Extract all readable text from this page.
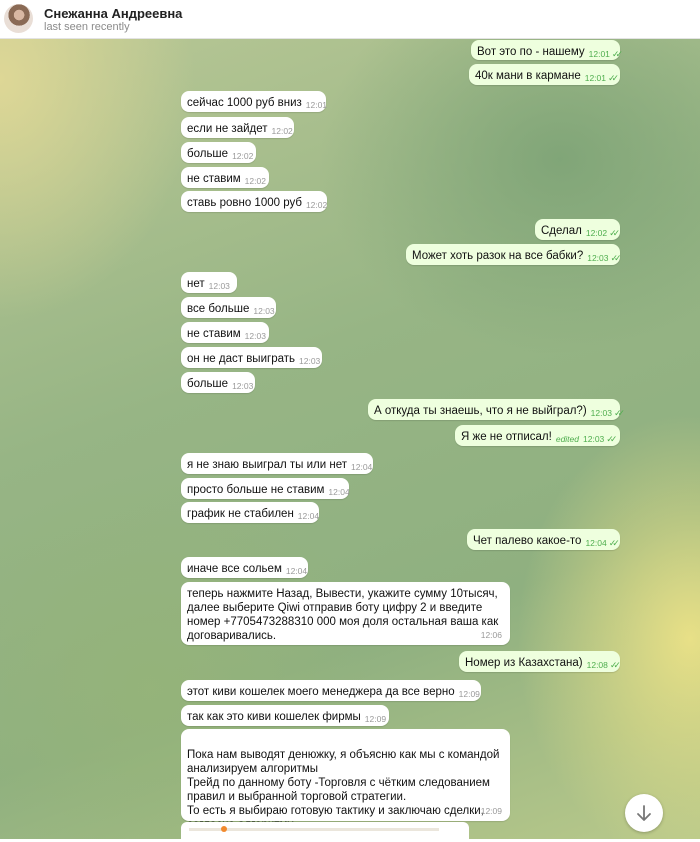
Снежанна Андреевна
last seen recently
Вот это по - нашему 12:01 ✓✓
40к мани в кармане 12:01 ✓✓
сейчас 1000 руб вниз 12:01
если не зайдет 12:02
больше 12:02
не ставим 12:02
ставь ровно 1000 руб 12:02
Сделал 12:02 ✓✓
Может хоть разок на все бабки? 12:03 ✓✓
нет 12:03
все больше 12:03
не ставим 12:03
он не даст выиграть 12:03
больше 12:03
А откуда ты знаешь, что я не выйграл?) 12:03 ✓✓
Я же не отписал! edited 12:03 ✓✓
я не знаю выиграл ты или нет 12:04
просто больше не ставим 12:04
график не стабилен 12:04
Чет палево какое-то 12:04 ✓✓
иначе все сольем 12:04
теперь нажмите Назад, Вывести, укажите сумму 10тысяч, далее выберите Qiwi отправив боту цифру 2 и введите номер +7705473288310 000 моя доля остальная ваша как договаривались.	12:06
Номер из Казахстана) 12:08 ✓✓
этот киви кошелек моего менеджера да все верно 12:09
так как это киви кошелек фирмы 12:09

Пока нам выводят денюжку, я объясню как мы с командой анализируем алгоритмы
Трейд по данному боту -Торговля с чётким следованием правил и выбранной торговой стратегии.
То есть я выбираю готовую тактику и заключаю сделки,
12:09
